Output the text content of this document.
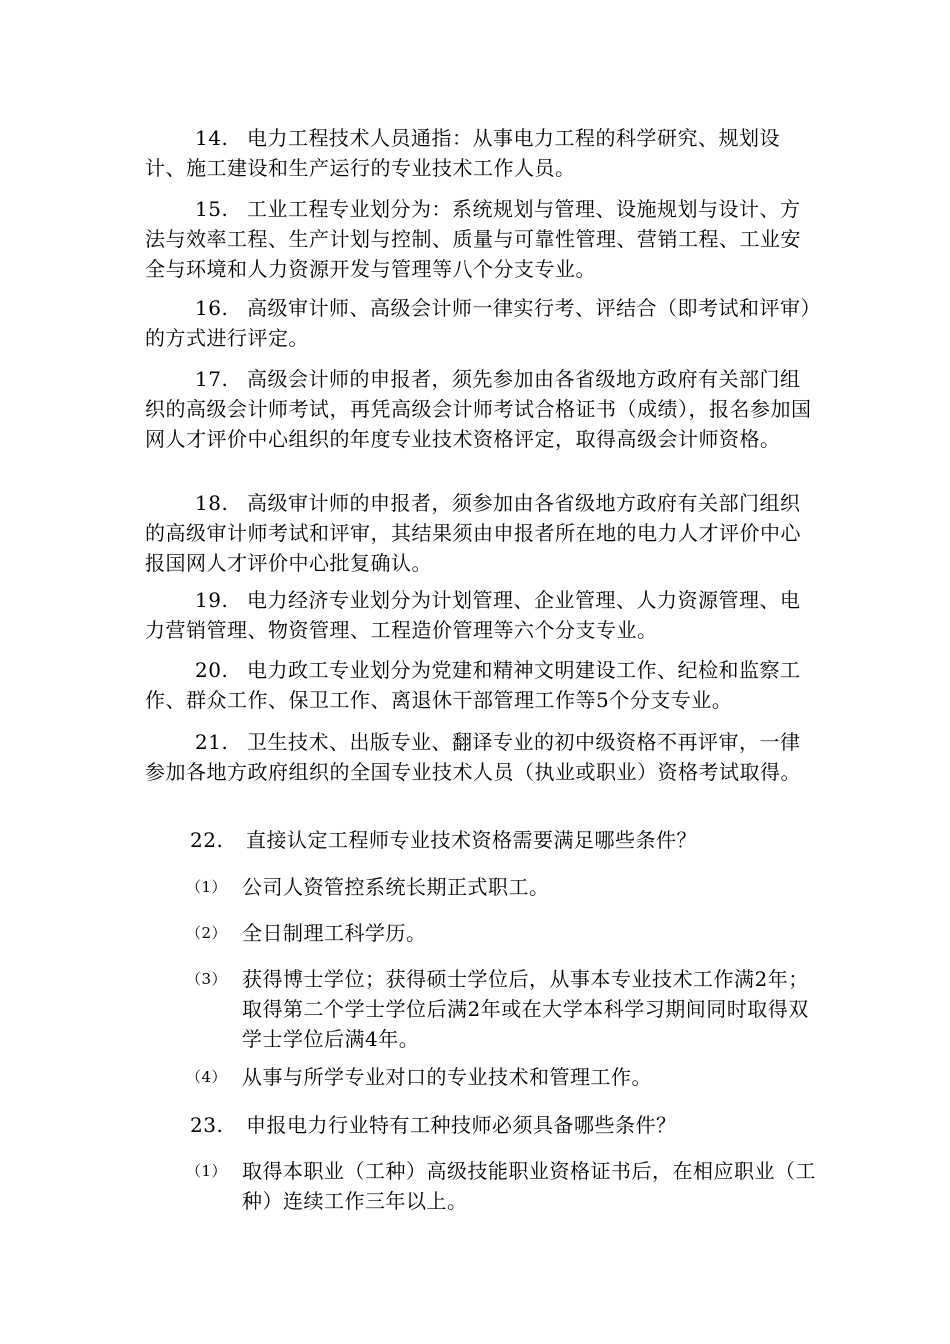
14. 电力工程技术人员通指：从事电力工程的科学研究、规划设计、施工建设和生产运行的专业技术工作人员。

15. 工业工程专业划分为：系统规划与管理、设施规划与设计、方法与效率工程、生产计划与控制、质量与可靠性管理、营销工程、工业安全与环境和人力资源开发与管理等八个分支专业。

16. 高级审计师、高级会计师一律实行考、评结合（即考试和评审）的方式进行评定。

17. 高级会计师的申报者，须先参加由各省级地方政府有关部门组织的高级会计师考试，再凭高级会计师考试合格证书（成绩），报名参加国网人才评价中心组织的年度专业技术资格评定，取得高级会计师资格。

18. 高级审计师的申报者，须参加由各省级地方政府有关部门组织的高级审计师考试和评审，其结果须由申报者所在地的电力人才评价中心报国网人才评价中心批复确认。

19. 电力经济专业划分为计划管理、企业管理、人力资源管理、电力营销管理、物资管理、工程造价管理等六个分支专业。

20. 电力政工专业划分为党建和精神文明建设工作、纪检和监察工作、群众工作、保卫工作、离退休干部管理工作等5个分支专业。

21. 卫生技术、出版专业、翻译专业的初中级资格不再评审，一律参加各地方政府组织的全国专业技术人员（执业或职业）资格考试取得。

22. 直接认定工程师专业技术资格需要满足哪些条件？

（1） 公司人资管控系统长期正式职工。
（2） 全日制理工科学历。
（3） 获得博士学位；获得硕士学位后，从事本专业技术工作满2年；取得第二个学士学位后满2年或在大学本科学习期间同时取得双学士学位后满4年。
（4） 从事与所学专业对口的专业技术和管理工作。

23. 申报电力行业特有工种技师必须具备哪些条件？

（1） 取得本职业（工种）高级技能职业资格证书后，在相应职业（工种）连续工作三年以上。
